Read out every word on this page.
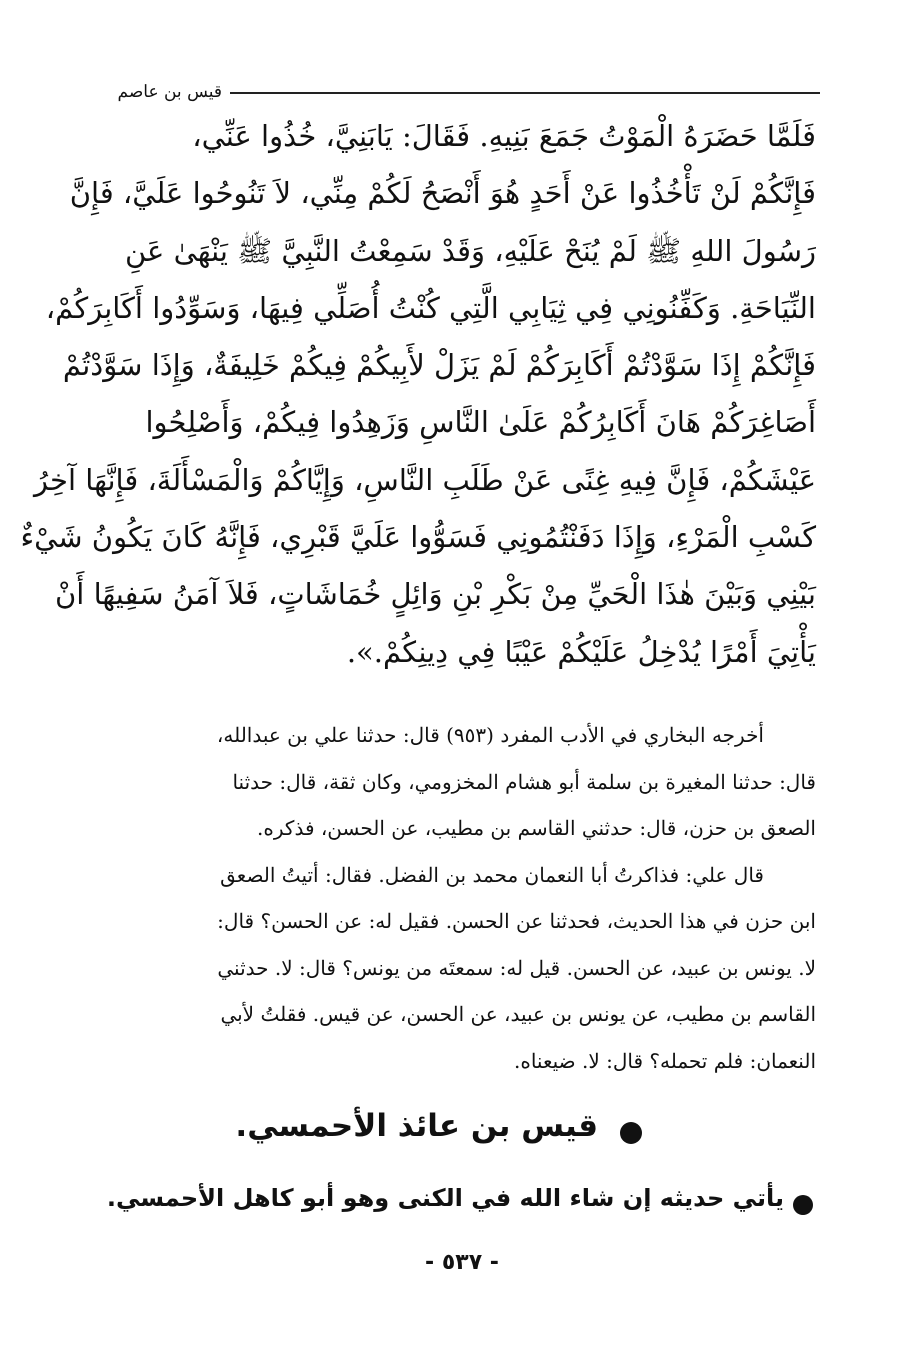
قيس بن عاصم
فَلَمَّا حَضَرَهُ الْمَوْتُ جَمَعَ بَنِيهِ. فَقَالَ: يَابَنِيَّ، خُذُوا عَنِّي،
فَإِنَّكُمْ لَنْ تَأْخُذُوا عَنْ أَحَدٍ هُوَ أَنْصَحُ لَكُمْ مِنِّي، لاَ تَنُوحُوا عَلَيَّ، فَإِنَّ
رَسُولَ اللهِ ﷺ لَمْ يُنَحْ عَلَيْهِ، وَقَدْ سَمِعْتُ النَّبِيَّ ﷺ يَنْهَىٰ عَنِ
النِّيَاحَةِ. وَكَفِّنُونِي فِي ثِيَابِي الَّتِي كُنْتُ أُصَلِّي فِيهَا، وَسَوِّدُوا أَكَابِرَكُمْ،
فَإِنَّكُمْ إِذَا سَوَّدْتُمْ أَكَابِرَكُمْ لَمْ يَزَلْ لأَبِيكُمْ فِيكُمْ خَلِيفَةٌ، وَإِذَا سَوَّدْتُمْ
أَصَاغِرَكُمْ هَانَ أَكَابِرُكُمْ عَلَىٰ النَّاسِ وَزَهِدُوا فِيكُمْ، وَأَصْلِحُوا
عَيْشَكُمْ، فَإِنَّ فِيهِ غِنًى عَنْ طَلَبِ النَّاسِ، وَإِيَّاكُمْ وَالْمَسْأَلَةَ، فَإِنَّهَا آخِرُ
كَسْبِ الْمَرْءِ، وَإِذَا دَفَنْتُمُونِي فَسَوُّوا عَلَيَّ قَبْرِي، فَإِنَّهُ كَانَ يَكُونُ شَيْءٌ
بَيْنِي وَبَيْنَ هٰذَا الْحَيِّ مِنْ بَكْرِ بْنِ وَائِلٍ خُمَاشَاتٍ، فَلاَ آمَنُ سَفِيهًا أَنْ
يَأْتِيَ أَمْرًا يُدْخِلُ عَلَيْكُمْ عَيْبًا فِي دِينِكُمْ.».
أخرجه البخاري في الأدب المفرد (٩٥٣) قال: حدثنا علي بن عبدالله،
قال: حدثنا المغيرة بن سلمة أبو هشام المخزومي، وكان ثقة، قال: حدثنا
الصعق بن حزن، قال: حدثني القاسم بن مطيب، عن الحسن، فذكره.
قال علي: فذاكرتُ أبا النعمان محمد بن الفضل. فقال: أتيتُ الصعق
ابن حزن في هذا الحديث، فحدثنا عن الحسن. فقيل له: عن الحسن؟ قال:
لا. يونس بن عبيد، عن الحسن. قيل له: سمعتَه من يونس؟ قال: لا. حدثني
القاسم بن مطيب، عن يونس بن عبيد، عن الحسن، عن قيس. فقلتُ لأبي
النعمان: فلم تحمله؟ قال: لا. ضيعناه.
قيس بن عائذ الأحمسي.
يأتي حديثه إن شاء الله في الكنى وهو أبو كاهل الأحمسي.
- ٥٣٧ -
